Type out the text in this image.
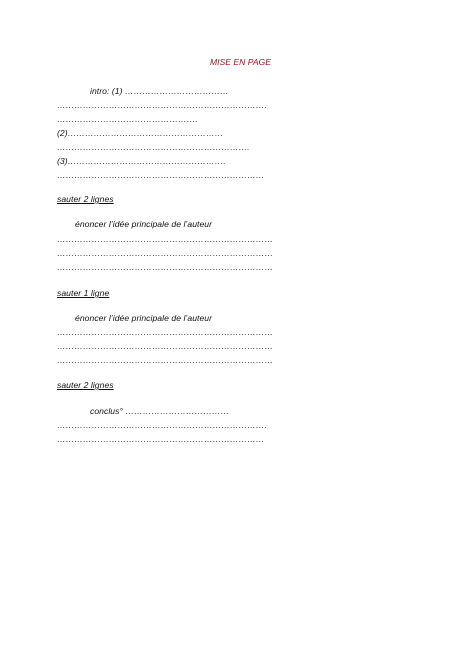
MISE EN PAGE
intro: (1) ………………………………
……………………………………………………………….
………………………………………….
(2)………………………………………………
………………………………………………………….
(3)……………………………………………….
………………………………………………………………
sauter 2 lignes
énoncer l’idée principale de l’auteur
…………………………………………………………………
…………………………………………………………………
…………………………………………………………………
sauter 1 ligne
énoncer l’idée principale de l’auteur
…………………………………………………………………
…………………………………………………………………
…………………………………………………………………
sauter 2 lignes
conclus° ………………………………
……………………………………………………………….
………………………………………………………………
